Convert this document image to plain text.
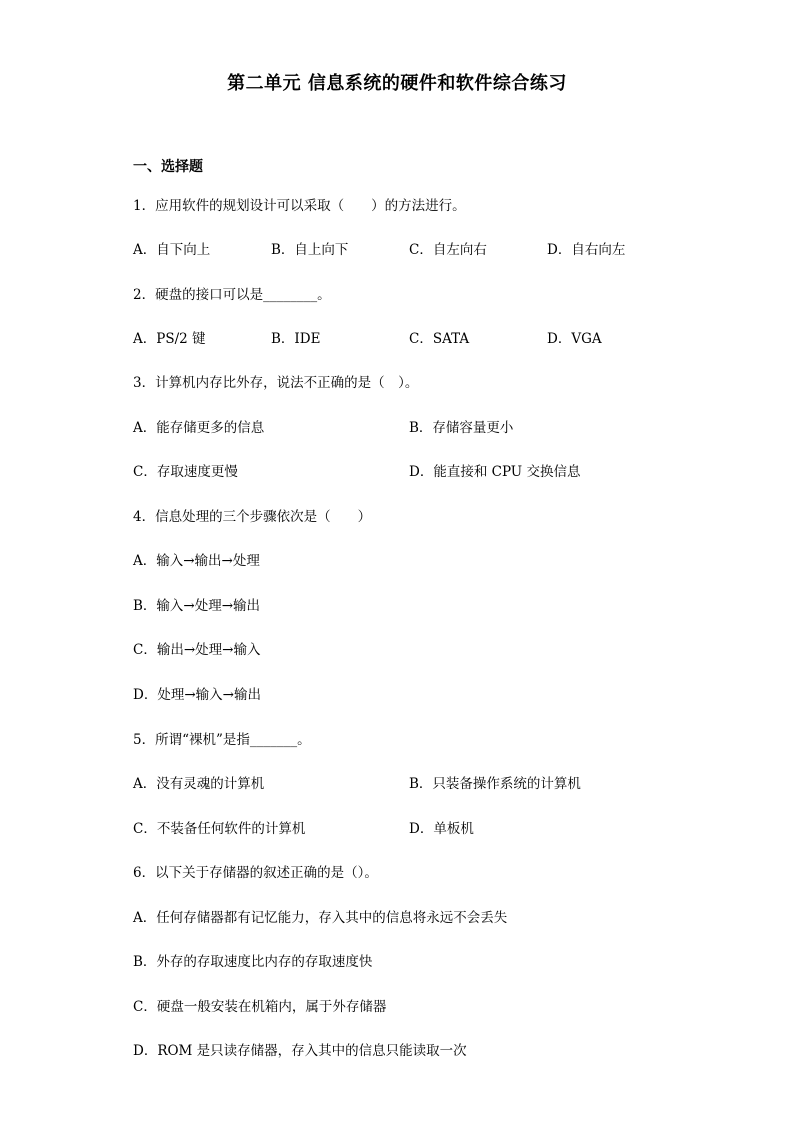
第二单元 信息系统的硬件和软件综合练习
一、选择题
1．应用软件的规划设计可以采取（　　）的方法进行。
A．自下向上	B．自上向下	C．自左向右	D．自右向左
2．硬盘的接口可以是________。
A．PS/2 键	B．IDE	C．SATA	D．VGA
3．计算机内存比外存，说法不正确的是（　）。
A．能存储更多的信息	B．存储容量更小
C．存取速度更慢	D．能直接和 CPU 交换信息
4．信息处理的三个步骤依次是（　　）
A．输入→输出→处理
B．输入→处理→输出
C．输出→处理→输入
D．处理→输入→输出
5．所谓“裸机”是指_______。
A．没有灵魂的计算机	B．只装备操作系统的计算机
C．不装备任何软件的计算机	D．单板机
6．以下关于存储器的叙述正确的是（）。
A．任何存储器都有记忆能力，存入其中的信息将永远不会丢失
B．外存的存取速度比内存的存取速度快
C．硬盘一般安装在机箱内，属于外存储器
D．ROM 是只读存储器，存入其中的信息只能读取一次
